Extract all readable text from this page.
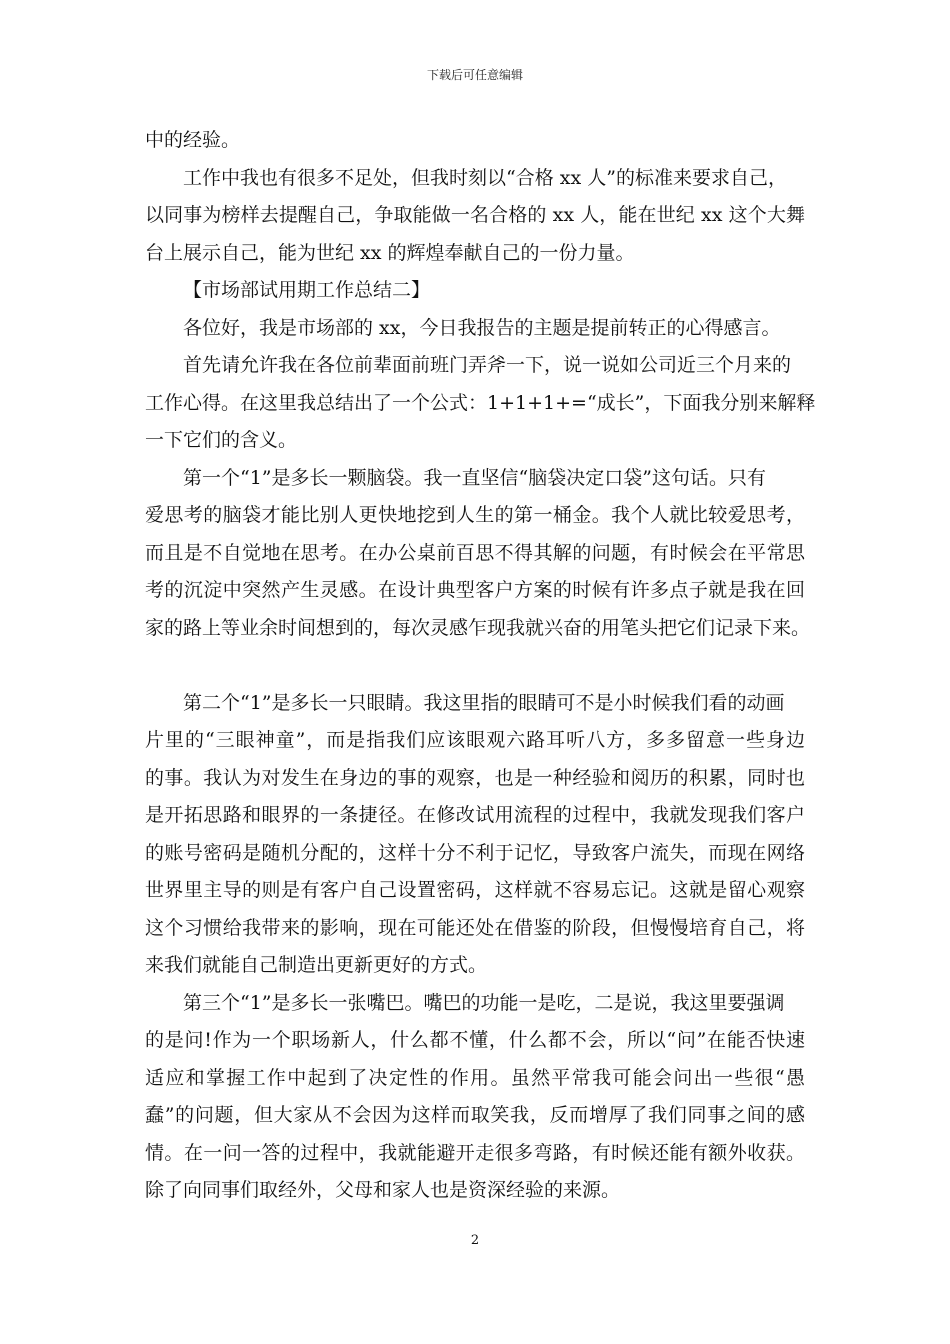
下载后可任意编辑
中的经验。
工作中我也有很多不足处，但我时刻以“合格 xx 人”的标准来要求自己，
以同事为榜样去提醒自己，争取能做一名合格的 xx 人，能在世纪 xx 这个大舞
台上展示自己，能为世纪 xx 的辉煌奉献自己的一份力量。
【市场部试用期工作总结二】
各位好，我是市场部的 xx，今日我报告的主题是提前转正的心得感言。
首先请允许我在各位前辈面前班门弄斧一下，说一说如公司近三个月来的
工作心得。在这里我总结出了一个公式：1+1+1+=“成长”，下面我分别来解释
一下它们的含义。
第一个“1”是多长一颗脑袋。我一直坚信“脑袋决定口袋”这句话。只有
爱思考的脑袋才能比别人更快地挖到人生的第一桶金。我个人就比较爱思考，
而且是不自觉地在思考。在办公桌前百思不得其解的问题，有时候会在平常思
考的沉淀中突然产生灵感。在设计典型客户方案的时候有许多点子就是我在回
家的路上等业余时间想到的，每次灵感乍现我就兴奋的用笔头把它们记录下来。
第二个“1”是多长一只眼睛。我这里指的眼睛可不是小时候我们看的动画
片里的“三眼神童”，而是指我们应该眼观六路耳听八方，多多留意一些身边
的事。我认为对发生在身边的事的观察，也是一种经验和阅历的积累，同时也
是开拓思路和眼界的一条捷径。在修改试用流程的过程中，我就发现我们客户
的账号密码是随机分配的，这样十分不利于记忆，导致客户流失，而现在网络
世界里主导的则是有客户自己设置密码，这样就不容易忘记。这就是留心观察
这个习惯给我带来的影响，现在可能还处在借鉴的阶段，但慢慢培育自己，将
来我们就能自己制造出更新更好的方式。
第三个“1”是多长一张嘴巴。嘴巴的功能一是吃，二是说，我这里要强调
的是问!作为一个职场新人，什么都不懂，什么都不会，所以“问”在能否快速
适应和掌握工作中起到了决定性的作用。虽然平常我可能会问出一些很“愚
蠢”的问题，但大家从不会因为这样而取笑我，反而增厚了我们同事之间的感
情。在一问一答的过程中，我就能避开走很多弯路，有时候还能有额外收获。
除了向同事们取经外，父母和家人也是资深经验的来源。
2
